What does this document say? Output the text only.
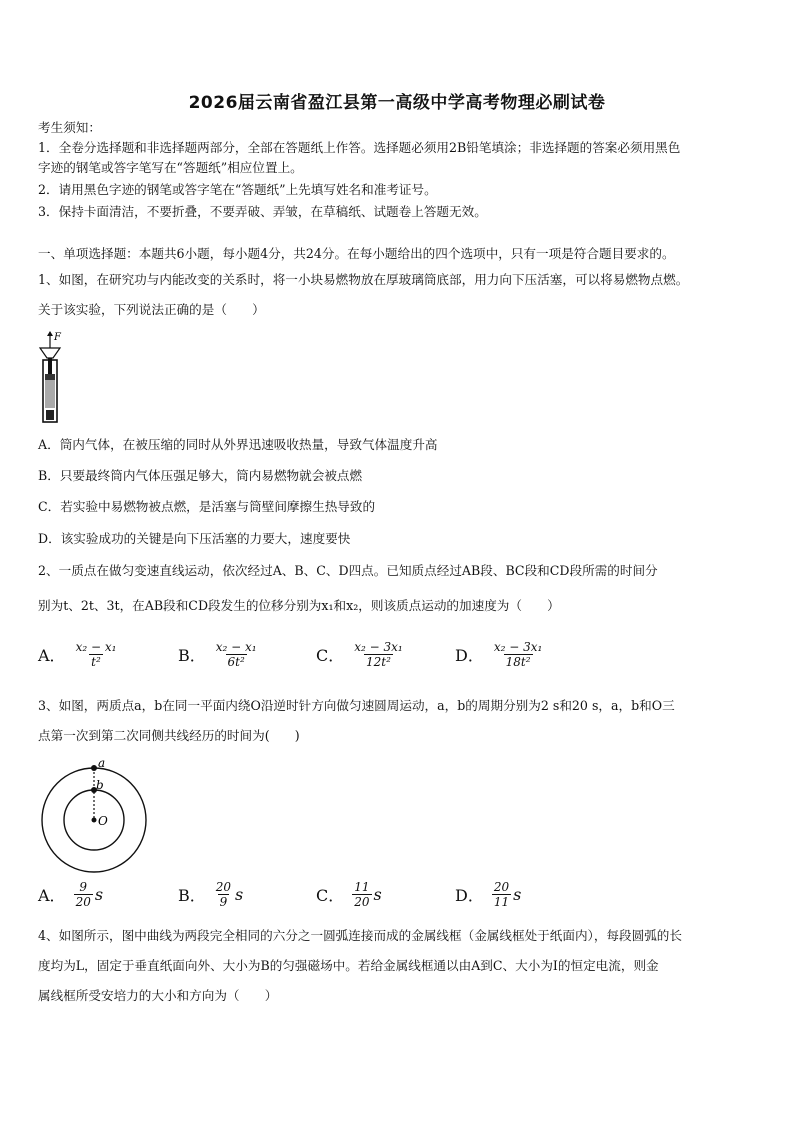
2026届云南省盈江县第一高级中学高考物理必刷试卷
考生须知：
1．全卷分选择题和非选择题两部分，全部在答题纸上作答。选择题必须用2B铅笔填涂；非选择题的答案必须用黑色
字迹的钢笔或答字笔写在“答题纸”相应位置上。
2．请用黑色字迹的钢笔或答字笔在“答题纸”上先填写姓名和准考证号。
3．保持卡面清洁，不要折叠，不要弄破、弄皱，在草稿纸、试题卷上答题无效。
一、单项选择题：本题共6小题，每小题4分，共24分。在每小题给出的四个选项中，只有一项是符合题目要求的。
1、如图，在研究功与内能改变的关系时，将一小块易燃物放在厚玻璃筒底部，用力向下压活塞，可以将易燃物点燃。
关于该实验，下列说法正确的是（　　）
F
A．筒内气体，在被压缩的同时从外界迅速吸收热量，导致气体温度升高
B．只要最终筒内气体压强足够大，筒内易燃物就会被点燃
C．若实验中易燃物被点燃，是活塞与筒壁间摩擦生热导致的
D．该实验成功的关键是向下压活塞的力要大，速度要快
2、一质点在做匀变速直线运动，依次经过A、B、C、D四点。已知质点经过AB段、BC段和CD段所需的时间分
别为t、2t、3t，在AB段和CD段发生的位移分别为x₁和x₂，则该质点运动的加速度为（　　）
A． $\frac{\text{x₂ − x₁}}{\text{t²}}$	B． $\frac{\text{x₂ − x₁}}{\text{6t²}}$	C． $\frac{\text{x₂ − 3x₁}}{\text{12t²}}$	D． $\frac{\text{x₂ − 3x₁}}{\text{18t²}}$
3、如图，两质点a，b在同一平面内绕O沿逆时针方向做匀速圆周运动，a，b的周期分别为2 s和20 s，a，b和O三
点第一次到第二次同侧共线经历的时间为(　　)
a
b
O
A． $\frac{9}{20}$ s	B． $\frac{20}{9}$ s	C． $\frac{11}{20}$ s	D． $\frac{20}{11}$ s
4、如图所示，图中曲线为两段完全相同的六分之一圆弧连接而成的金属线框（金属线框处于纸面内），每段圆弧的长
度均为L，固定于垂直纸面向外、大小为B的匀强磁场中。若给金属线框通以由A到C、大小为I的恒定电流，则金
属线框所受安培力的大小和方向为（　　）
